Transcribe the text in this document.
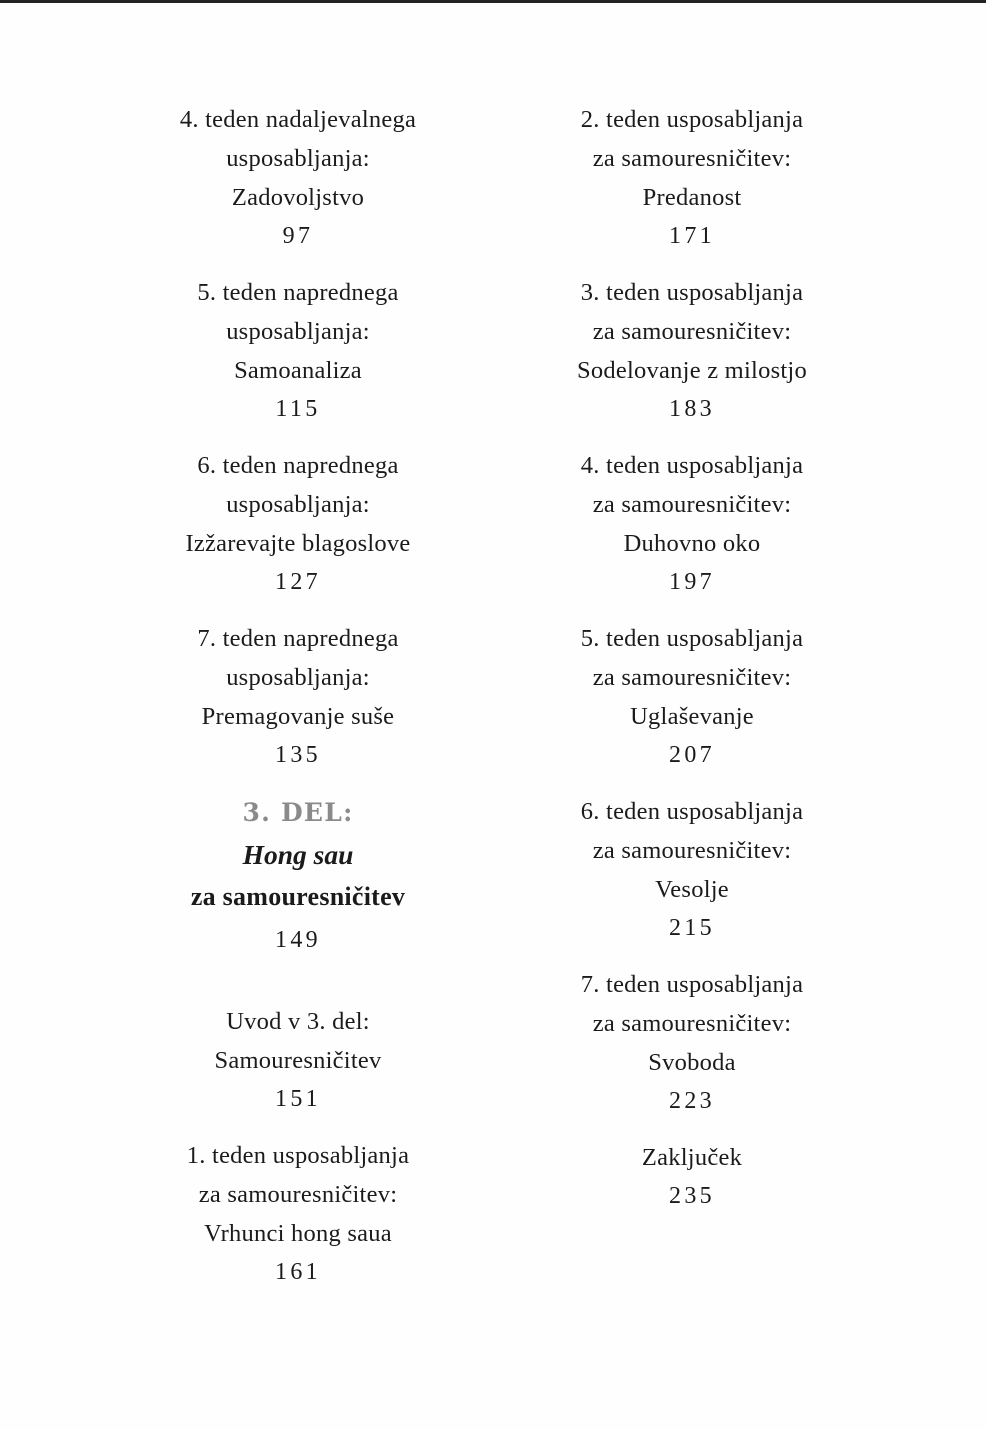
4. teden nadaljevalnega
usposabljanja:
Zadovoljstvo
97
5. teden naprednega
usposabljanja:
Samoanaliza
115
6. teden naprednega
usposabljanja:
Izžarevajte blagoslove
127
7. teden naprednega
usposabljanja:
Premagovanje suše
135
3. DEL:
Hong sau
za samouresničitev
149
Uvod v 3. del:
Samouresničitev
151
1. teden usposabljanja
za samouresničitev:
Vrhunci hong saua
161
2. teden usposabljanja
za samouresničitev:
Predanost
171
3. teden usposabljanja
za samouresničitev:
Sodelovanje z milostjo
183
4. teden usposabljanja
za samouresničitev:
Duhovno oko
197
5. teden usposabljanja
za samouresničitev:
Uglaševanje
207
6. teden usposabljanja
za samouresničitev:
Vesolje
215
7. teden usposabljanja
za samouresničitev:
Svoboda
223
Zaključek
235
